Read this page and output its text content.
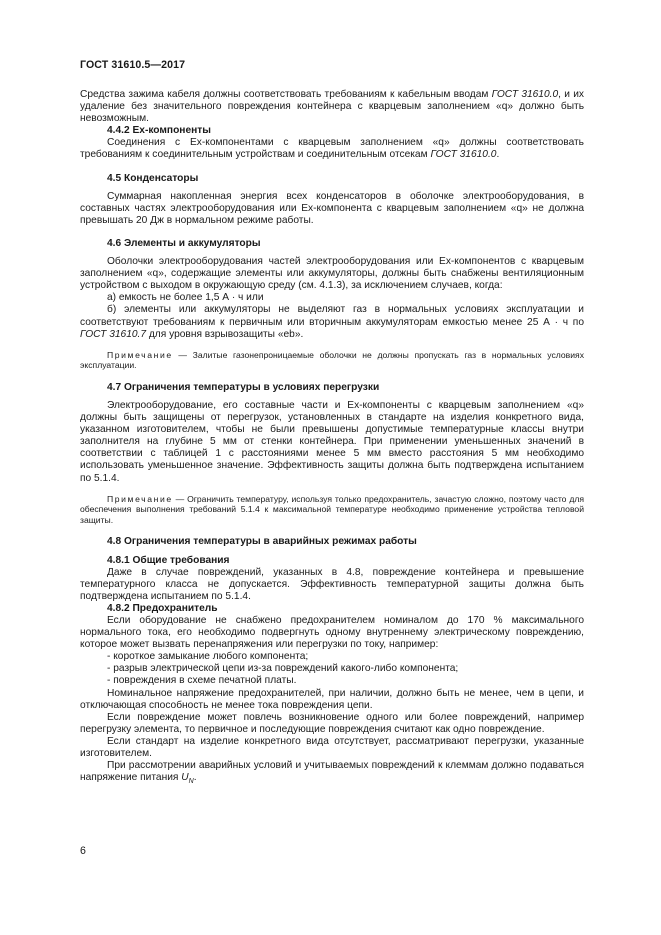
ГОСТ 31610.5—2017

Средства зажима кабеля должны соответствовать требованиям к кабельным вводам ГОСТ 31610.0, и их удаление без значительного повреждения контейнера с кварцевым заполнением «q» должно быть невозможным.

4.4.2 Ex-компоненты

Соединения с Ex-компонентами с кварцевым заполнением «q» должны соответствовать требованиям к соединительным устройствам и соединительным отсекам ГОСТ 31610.0.

4.5 Конденсаторы

Суммарная накопленная энергия всех конденсаторов в оболочке электрооборудования, в составных частях электрооборудования или Ex-компонента с кварцевым заполнением «q» не должна превышать 20 Дж в нормальном режиме работы.

4.6 Элементы и аккумуляторы

Оболочки электрооборудования частей электрооборудования или Ex-компонентов с кварцевым заполнением «q», содержащие элементы или аккумуляторы, должны быть снабжены вентиляционным устройством с выходом в окружающую среду (см. 4.1.3), за исключением случаев, когда:

а) емкость не более 1,5 А · ч или

б) элементы или аккумуляторы не выделяют газ в нормальных условиях эксплуатации и соответствуют требованиям к первичным или вторичным аккумуляторам емкостью менее 25 А · ч по ГОСТ 31610.7 для уровня взрывозащиты «eb».

Примечание — Залитые газонепроницаемые оболочки не должны пропускать газ в нормальных условиях эксплуатации.

4.7 Ограничения температуры в условиях перегрузки

Электрооборудование, его составные части и Ex-компоненты с кварцевым заполнением «q» должны быть защищены от перегрузок, установленных в стандарте на изделия конкретного вида, указанном изготовителем, чтобы не были превышены допустимые температурные классы внутри заполнителя на глубине 5 мм от стенки контейнера. При применении уменьшенных значений в соответствии с таблицей 1 с расстояниями менее 5 мм вместо расстояния 5 мм необходимо использовать уменьшенное значение. Эффективность защиты должна быть подтверждена испытанием по 5.1.4.

Примечание — Ограничить температуру, используя только предохранитель, зачастую сложно, поэтому часто для обеспечения выполнения требований 5.1.4 к максимальной температуре необходимо применение устройства тепловой защиты.

4.8 Ограничения температуры в аварийных режимах работы

4.8.1 Общие требования

Даже в случае повреждений, указанных в 4.8, повреждение контейнера и превышение температурного класса не допускается. Эффективность температурной защиты должна быть подтверждена испытанием по 5.1.4.

4.8.2 Предохранитель

Если оборудование не снабжено предохранителем номиналом до 170 % максимального нормального тока, его необходимо подвергнуть одному внутреннему электрическому повреждению, которое может вызвать перенапряжения или перегрузки по току, например:

- короткое замыкание любого компонента;

- разрыв электрической цепи из-за повреждений какого-либо компонента;

- повреждения в схеме печатной платы.

Номинальное напряжение предохранителей, при наличии, должно быть не менее, чем в цепи, и отключающая способность не менее тока повреждения цепи.

Если повреждение может повлечь возникновение одного или более повреждений, например перегрузку элемента, то первичное и последующие повреждения считают как одно повреждение.

Если стандарт на изделие конкретного вида отсутствует, рассматривают перегрузки, указанные изготовителем.

При рассмотрении аварийных условий и учитываемых повреждений к клеммам должно подаваться напряжение питания $U_N$.

6
